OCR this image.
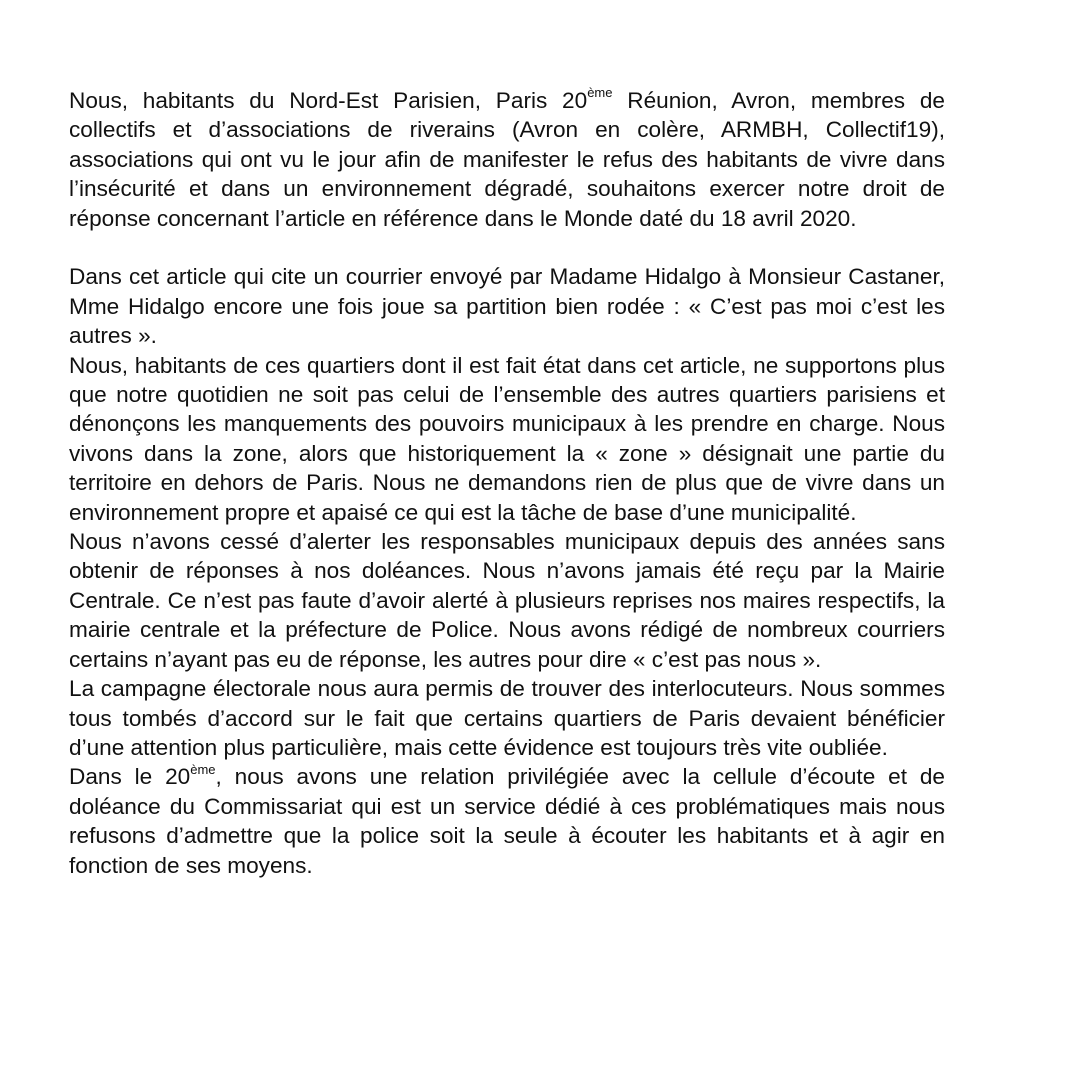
Nous, habitants du Nord-Est Parisien, Paris 20ème Réunion, Avron, membres de collectifs et d’associations de riverains (Avron en colère, ARMBH, Collectif19), associations qui ont vu le jour afin de manifester le refus des habitants de vivre dans l’insécurité et dans un environnement dégradé, souhaitons exercer notre droit de réponse concernant l’article en référence dans le Monde daté du 18 avril 2020.

Dans cet article qui cite un courrier envoyé par Madame Hidalgo à Monsieur Castaner, Mme Hidalgo encore une fois joue sa partition bien rodée : « C’est pas moi c’est les autres ».

Nous, habitants de ces quartiers dont il est fait état dans cet article, ne supportons plus que notre quotidien ne soit pas celui de l’ensemble des autres quartiers parisiens et dénonçons les manquements des pouvoirs municipaux à les prendre en charge. Nous vivons dans la zone, alors que historiquement la « zone » désignait une partie du territoire en dehors de Paris. Nous ne demandons rien de plus que de vivre dans un environnement propre et apaisé ce qui est la tâche de base d’une municipalité.

Nous n’avons cessé d’alerter les responsables municipaux depuis des années sans obtenir de réponses à nos doléances. Nous n’avons jamais été reçu par la Mairie Centrale. Ce n’est pas faute d’avoir alerté à plusieurs reprises nos maires respectifs, la mairie centrale et la préfecture de Police. Nous avons rédigé de nombreux courriers certains n’ayant pas eu de réponse, les autres pour dire « c’est pas nous ».

La campagne électorale nous aura permis de trouver des interlocuteurs. Nous sommes tous tombés d’accord sur le fait que certains quartiers de Paris devaient bénéficier d’une attention plus particulière, mais cette évidence est toujours très vite oubliée.

Dans le 20ème, nous avons une relation privilégiée avec la cellule d’écoute et de doléance du Commissariat qui est un service dédié à ces problématiques mais nous refusons d’admettre que la police soit la seule à écouter les habitants et à agir en fonction de ses moyens.
